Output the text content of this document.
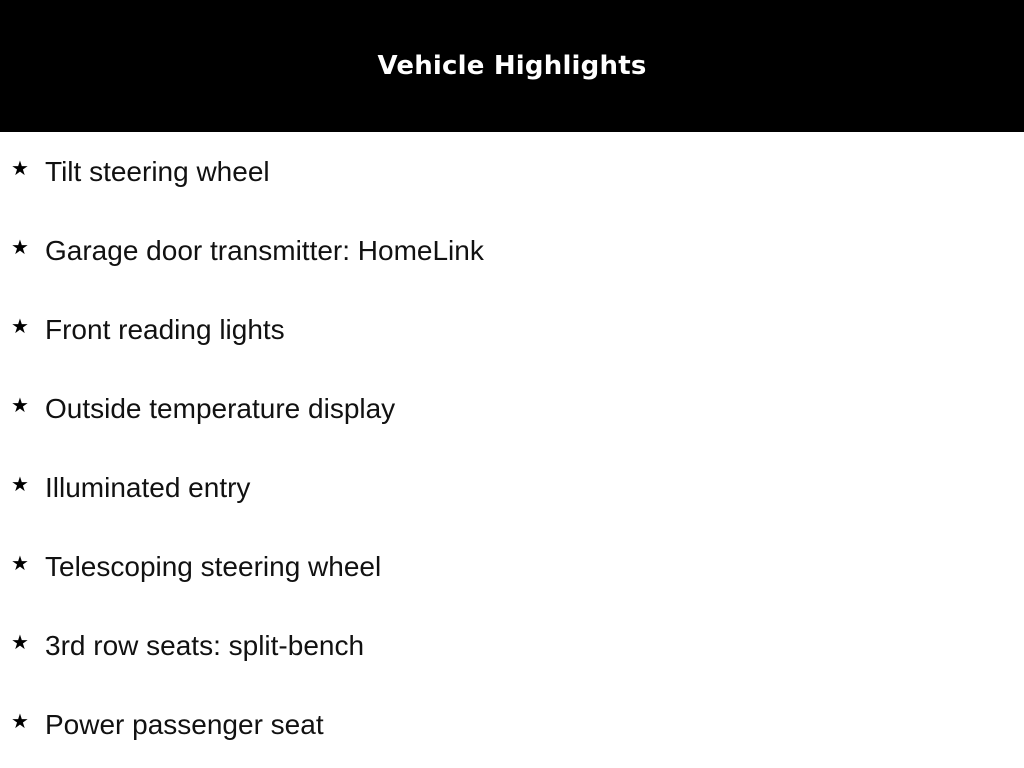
Vehicle Highlights
★ Tilt steering wheel
★ Garage door transmitter: HomeLink
★ Front reading lights
★ Outside temperature display
★ Illuminated entry
★ Telescoping steering wheel
★ 3rd row seats: split-bench
★ Power passenger seat
